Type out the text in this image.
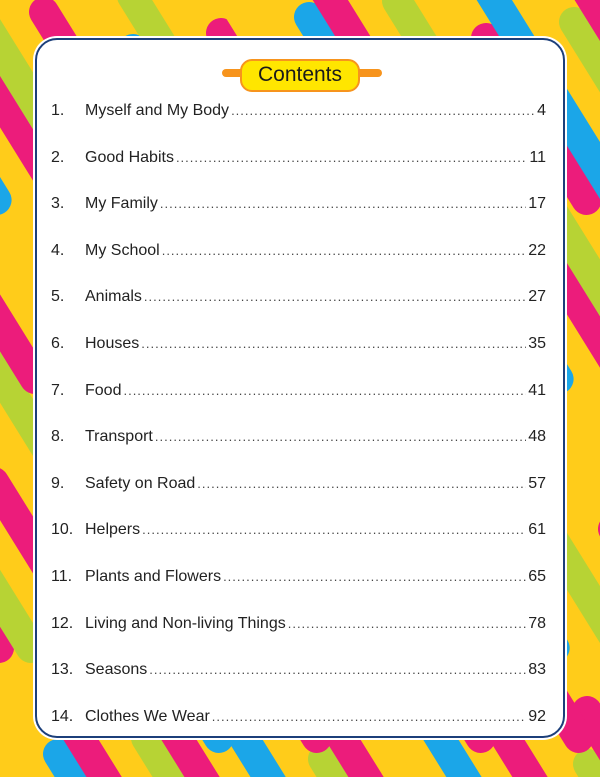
Contents
1.	Myself and My Body .....	4
2.	Good Habits .....	11
3.	My Family .....	17
4.	My School .....	22
5.	Animals .....	27
6.	Houses .....	35
7.	Food .....	41
8.	Transport .....	48
9.	Safety on Road .....	57
10. Helpers .....	61
11. Plants and Flowers .....	65
12. Living and Non-living Things .....	78
13. Seasons .....	83
14. Clothes We Wear .....	92
